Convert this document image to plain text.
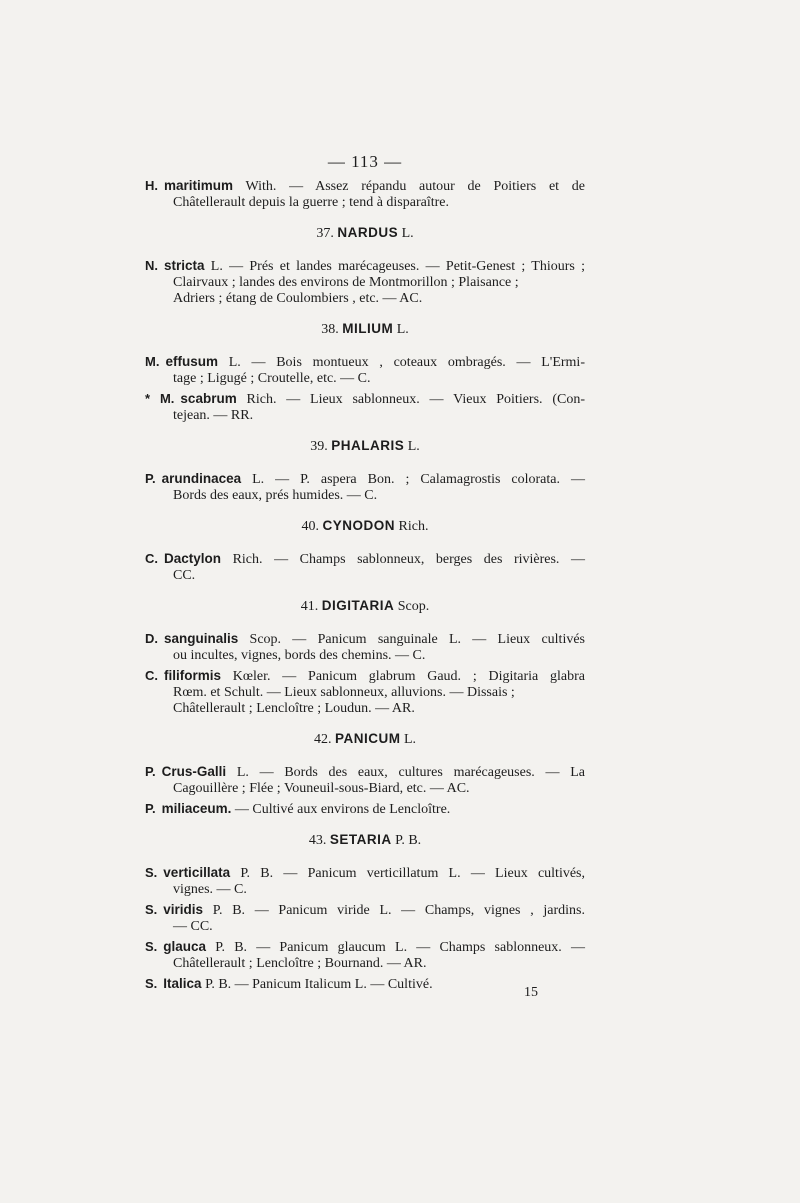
— 113 —
H. maritimum With. — Assez répandu autour de Poitiers et de
Châtellerault depuis la guerre ; tend à disparaître.
37. NARDUS L.
N. stricta L. — Prés et landes marécageuses. — Petit-Genest ; Thiours ;
Clairvaux ; landes des environs de Montmorillon ; Plaisance ;
Adriers ; étang de Coulombiers , etc. — AC.
38. MILIUM L.
M. effusum L. — Bois montueux , coteaux ombragés. — L'Ermi-
tage ; Ligugé ; Croutelle, etc. — C.
* M. scabrum Rich. — Lieux sablonneux. — Vieux Poitiers. (Con-
tejean. — RR.
39. PHALARIS L.
P. arundinacea L. — P. aspera Bon. ; Calamagrostis colorata. —
Bords des eaux, prés humides. — C.
40. CYNODON Rich.
C. Dactylon Rich. — Champs sablonneux, berges des rivières. —
CC.
41. DIGITARIA Scop.
D. sanguinalis Scop. — Panicum sanguinale L. — Lieux cultivés
ou incultes, vignes, bords des chemins. — C.
C. filiformis Kœler. — Panicum glabrum Gaud. ; Digitaria glabra
Rœm. et Schult. — Lieux sablonneux, alluvions. — Dissais ;
Châtellerault ; Lencloître ; Loudun. — AR.
42. PANICUM L.
P. Crus-Galli L. — Bords des eaux, cultures marécageuses. — La
Cagouillère ; Flée ; Vouneuil-sous-Biard, etc. — AC.
P. miliaceum. — Cultivé aux environs de Lencloître.
43. SETARIA P. B.
S. verticillata P. B. — Panicum verticillatum L. — Lieux cultivés,
vignes. — C.
S. viridis P. B. — Panicum viride L. — Champs, vignes , jardins.
— CC.
S. glauca P. B. — Panicum glaucum L. — Champs sablonneux. —
Châtellerault ; Lencloître ; Bournand. — AR.
S. Italica P. B. — Panicum Italicum L. — Cultivé.
15
